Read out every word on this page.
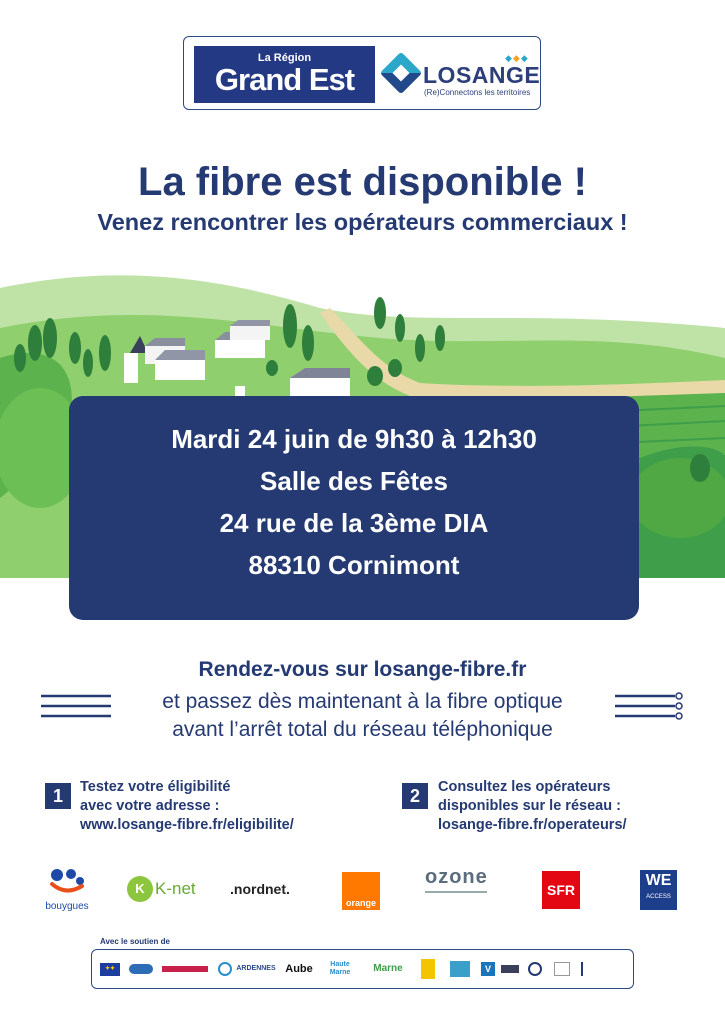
La Région
Grand Est
◆◆◆
LOSANGE
(Re)Connectons les territoires
La fibre est disponible !
Venez rencontrer les opérateurs commerciaux !
Mardi 24 juin de 9h30 à 12h30
Salle des Fêtes
24 rue de la 3ème DIA
88310 Cornimont
Rendez-vous sur losange-fibre.fr
et passez dès maintenant à la fibre optique
avant l’arrêt total du réseau téléphonique
1	Testez votre éligibilité
avec votre adresse :
www.losange-fibre.fr/eligibilite/
2	Consultez les opérateurs
disponibles sur le réseau :
losange-fibre.fr/operateurs/
bouygues
K K-net .nordnet.
orange
ozone
SFR
WE
ACCESS
Avec le soutien de
✦✦	ARDENNES Aube	Haute Marne	Marne	V
